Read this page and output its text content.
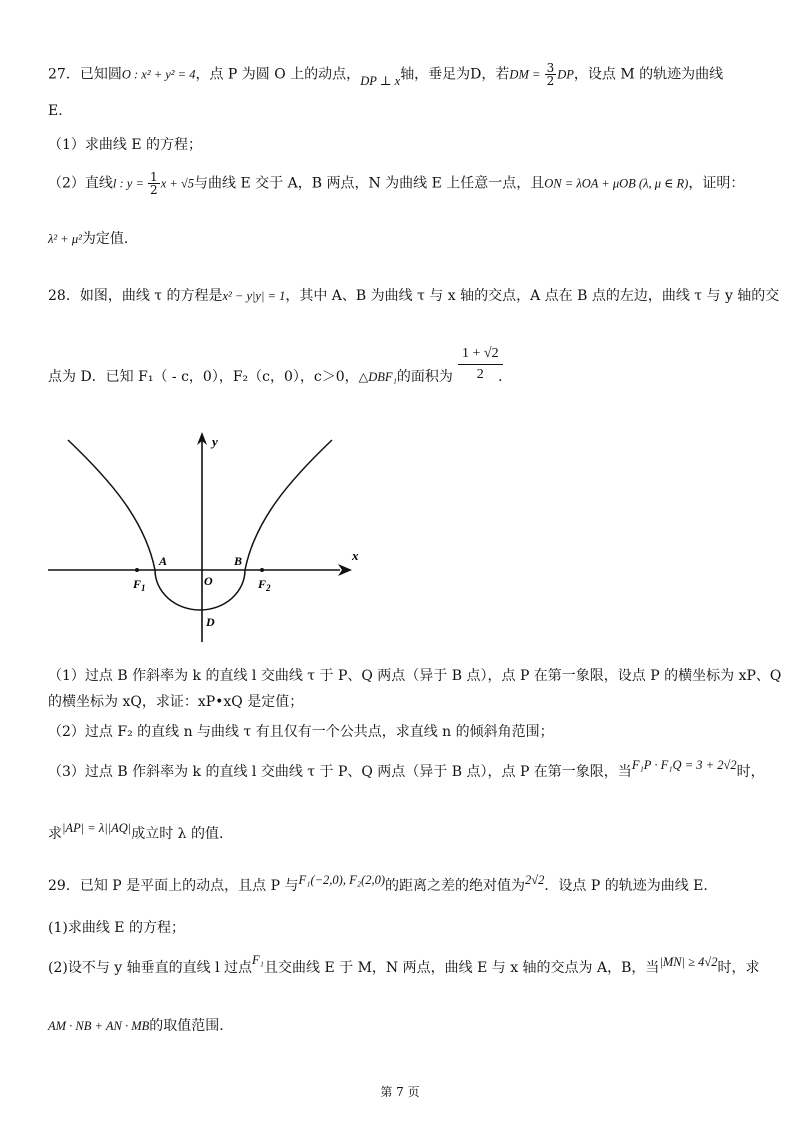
27．已知圆O : x² + y² = 4，点 P 为圆 O 上的动点，DP ⊥ x轴，垂足为D，若DM = $\frac{3}{2}$ DP，设点 M 的轨迹为曲线
E.
（1）求曲线 E 的方程；
（2）直线l : $y = \frac{1}{2}$ x + √5与曲线 E 交于 A，B 两点，N 为曲线 E 上任意一点，且ON = λOA + μOB (λ, μ ∈ R)，证明：
λ² + μ²为定值.
28．如图，曲线 τ 的方程是x² − y|y| = 1，其中 A、B 为曲线 τ 与 x 轴的交点，A 点在 B 点的左边，曲线 τ 与 y 轴的交
点为 D．已知 F₁（ - c，0），F₂（c，0），c＞0，△DBF₁的面积为 $\frac{1 + √2}{2}$
.
y
x
A	B
O
D
$F_1$	$F_2$
（1）过点 B 作斜率为 k 的直线 l 交曲线 τ 于 P、Q 两点（异于 B 点），点 P 在第一象限，设点 P 的横坐标为 xP、Q
的横坐标为 xQ，求证：xP•xQ 是定值；
（2）过点 F₂ 的直线 n 与曲线 τ 有且仅有一个公共点，求直线 n 的倾斜角范围；
（3）过点 B 作斜率为 k 的直线 l 交曲线 τ 于 P、Q 两点（异于 B 点），点 P 在第一象限，当F₁P · F₁Q = 3 + 2√2时，
求|AP| = λ||AQ|成立时 λ 的值.
29．已知 P 是平面上的动点，且点 P 与F₁(−2,0), F₂(2,0)的距离之差的绝对值为2√2．设点 P 的轨迹为曲线 E.
(1)求曲线 E 的方程；
(2)设不与 y 轴垂直的直线 l 过点F₁且交曲线 E 于 M，N 两点，曲线 E 与 x 轴的交点为 A，B，当|MN| ≥ 4√2时，求
AM · NB + AN · MB的取值范围.
第 7 页
